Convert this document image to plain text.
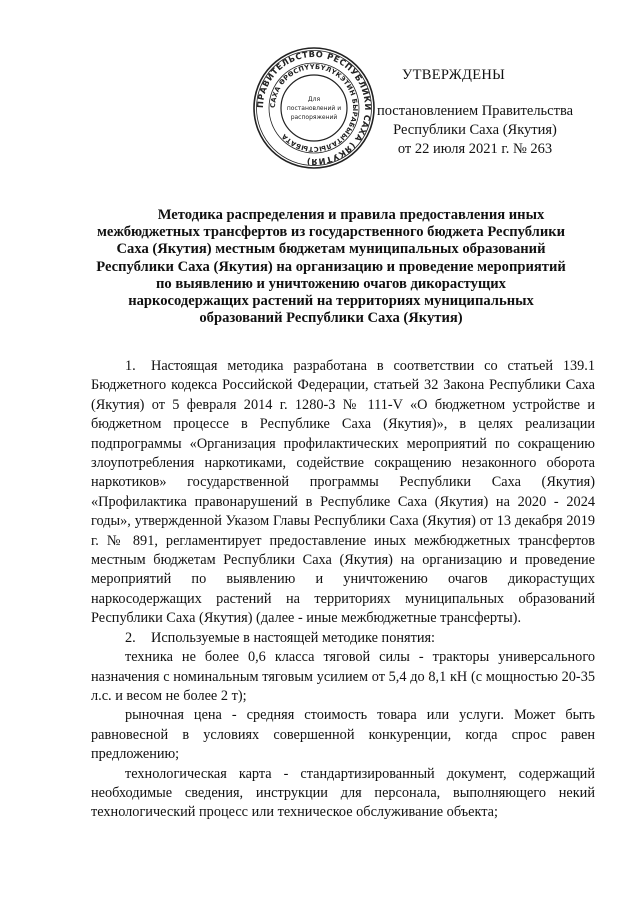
ПРАВИТЕЛЬСТВО РЕСПУБЛИКИ САХА (ЯКУТИЯ)
САХА ӨРӨСПҮҮБҮЛҮКЭТИН БЫРАБЫЫТАЛЫСТЫБАТА
Для
постановлений и
распоряжений
УТВЕРЖДЕНЫ
постановлением Правительства
Республики Саха (Якутия)
от 22 июля 2021 г. № 263
Методика распределения и правила предоставления иных межбюджетных трансфертов из государственного бюджета Республики Саха (Якутия) местным бюджетам муниципальных образований Республики Саха (Якутия) на организацию и проведение мероприятий по выявлению и уничтожению очагов дикорастущих наркосодержащих растений на территориях муниципальных образований Республики Саха (Якутия)

1. Настоящая методика разработана в соответствии со статьей 139.1 Бюджетного кодекса Российской Федерации, статьей 32 Закона Республики Саха (Якутия) от 5 февраля 2014 г. 1280-З № 111-V «О бюджетном устройстве и бюджетном процессе в Республике Саха (Якутия)», в целях реализации подпрограммы «Организация профилактических мероприятий по сокращению злоупотребления наркотиками, содействие сокращению незаконного оборота наркотиков» государственной программы Республики Саха (Якутия) «Профилактика правонарушений в Республике Саха (Якутия) на 2020 - 2024 годы», утвержденной Указом Главы Республики Саха (Якутия) от 13 декабря 2019 г. № 891, регламентирует предоставление иных межбюджетных трансфертов местным бюджетам Республики Саха (Якутия) на организацию и проведение мероприятий по выявлению и уничтожению очагов дикорастущих наркосодержащих растений на территориях муниципальных образований Республики Саха (Якутия) (далее - иные межбюджетные трансферты).

2. Используемые в настоящей методике понятия:

техника не более 0,6 класса тяговой силы - тракторы универсального назначения с номинальным тяговым усилием от 5,4 до 8,1 кН (с мощностью 20-35 л.с. и весом не более 2 т);

рыночная цена - средняя стоимость товара или услуги. Может быть равновесной в условиях совершенной конкуренции, когда спрос равен предложению;

технологическая карта - стандартизированный документ, содержащий необходимые сведения, инструкции для персонала, выполняющего некий технологический процесс или техническое обслуживание объекта;
